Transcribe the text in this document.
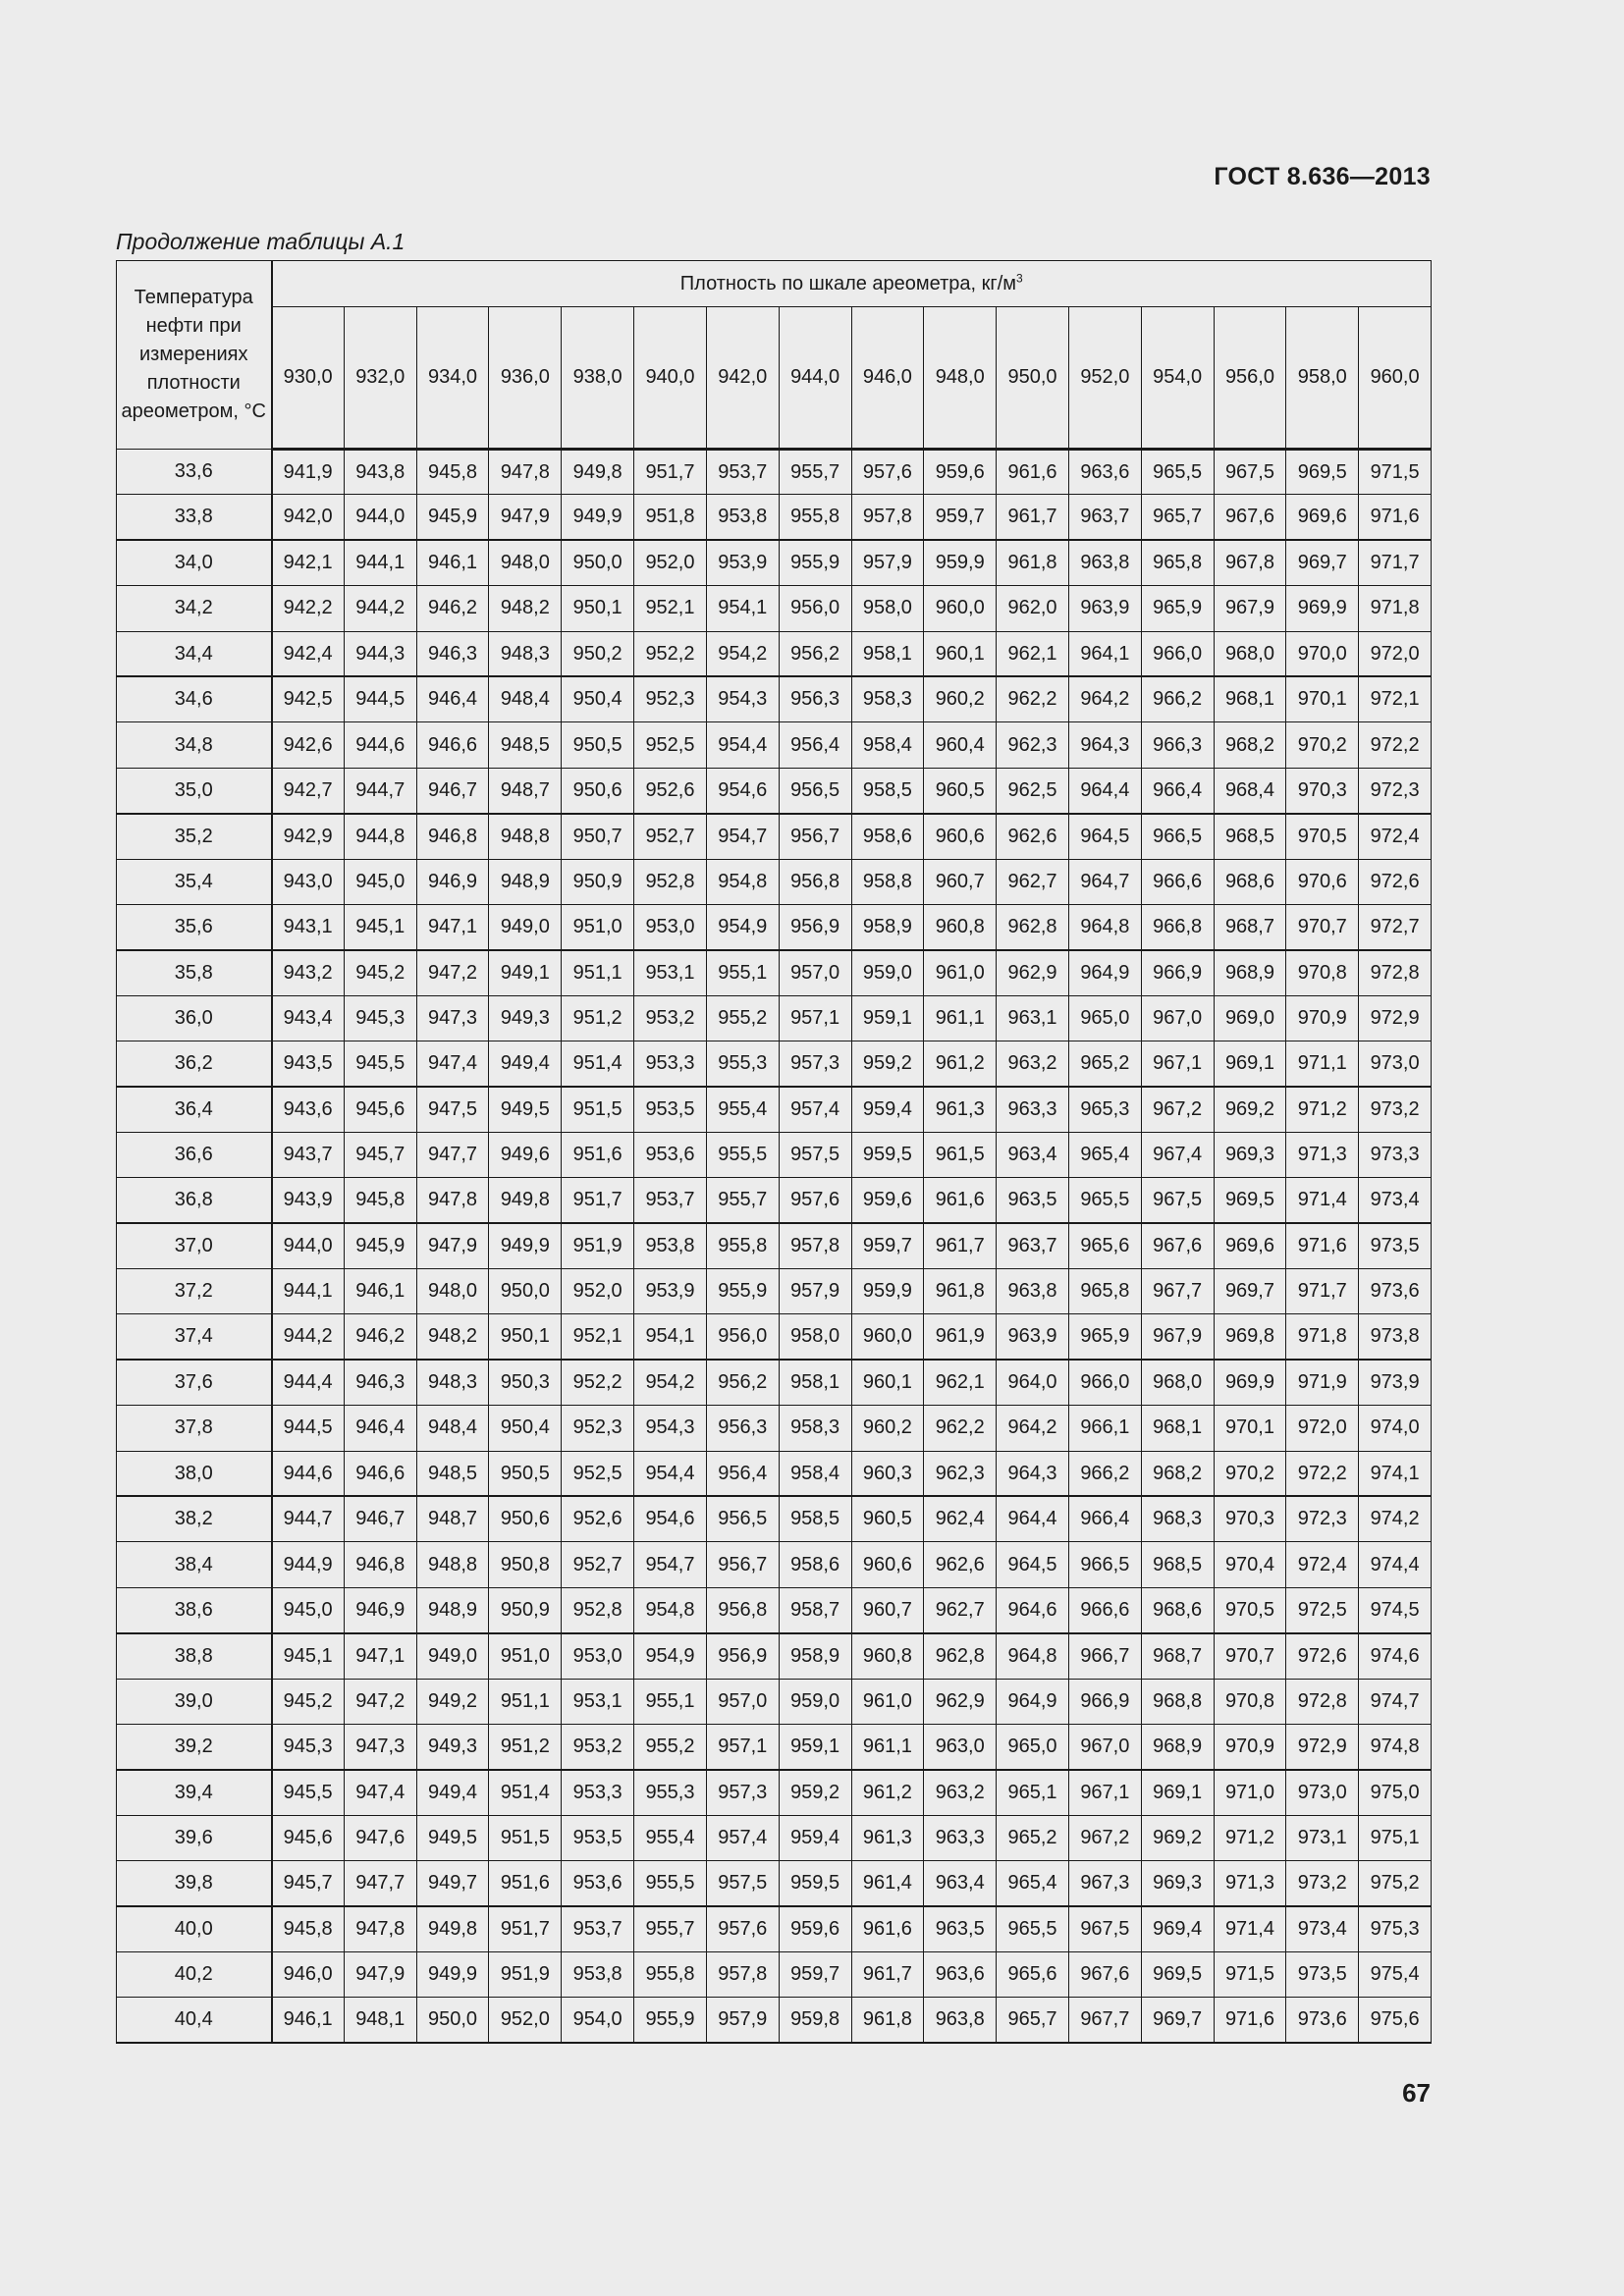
ГОСТ 8.636—2013
Продолжение таблицы А.1
Температура нефти при измерениях плотности ареометром, °С	Плотность по шкале ареометра, $кг/м^3$
	930,0	932,0	934,0	936,0	938,0	940,0	942,0	944,0	946,0	948,0	950,0	952,0	954,0	956,0	958,0	960,0
33,6	941,9	943,8	945,8	947,8	949,8	951,7	953,7	955,7	957,6	959,6	961,6	963,6	965,5	967,5	969,5	971,5
33,8	942,0	944,0	945,9	947,9	949,9	951,8	953,8	955,8	957,8	959,7	961,7	963,7	965,7	967,6	969,6	971,6
34,0	942,1	944,1	946,1	948,0	950,0	952,0	953,9	955,9	957,9	959,9	961,8	963,8	965,8	967,8	969,7	971,7
34,2	942,2	944,2	946,2	948,2	950,1	952,1	954,1	956,0	958,0	960,0	962,0	963,9	965,9	967,9	969,9	971,8
34,4	942,4	944,3	946,3	948,3	950,2	952,2	954,2	956,2	958,1	960,1	962,1	964,1	966,0	968,0	970,0	972,0
34,6	942,5	944,5	946,4	948,4	950,4	952,3	954,3	956,3	958,3	960,2	962,2	964,2	966,2	968,1	970,1	972,1
34,8	942,6	944,6	946,6	948,5	950,5	952,5	954,4	956,4	958,4	960,4	962,3	964,3	966,3	968,2	970,2	972,2
35,0	942,7	944,7	946,7	948,7	950,6	952,6	954,6	956,5	958,5	960,5	962,5	964,4	966,4	968,4	970,3	972,3
35,2	942,9	944,8	946,8	948,8	950,7	952,7	954,7	956,7	958,6	960,6	962,6	964,5	966,5	968,5	970,5	972,4
35,4	943,0	945,0	946,9	948,9	950,9	952,8	954,8	956,8	958,8	960,7	962,7	964,7	966,6	968,6	970,6	972,6
35,6	943,1	945,1	947,1	949,0	951,0	953,0	954,9	956,9	958,9	960,8	962,8	964,8	966,8	968,7	970,7	972,7
35,8	943,2	945,2	947,2	949,1	951,1	953,1	955,1	957,0	959,0	961,0	962,9	964,9	966,9	968,9	970,8	972,8
36,0	943,4	945,3	947,3	949,3	951,2	953,2	955,2	957,1	959,1	961,1	963,1	965,0	967,0	969,0	970,9	972,9
36,2	943,5	945,5	947,4	949,4	951,4	953,3	955,3	957,3	959,2	961,2	963,2	965,2	967,1	969,1	971,1	973,0
36,4	943,6	945,6	947,5	949,5	951,5	953,5	955,4	957,4	959,4	961,3	963,3	965,3	967,2	969,2	971,2	973,2
36,6	943,7	945,7	947,7	949,6	951,6	953,6	955,5	957,5	959,5	961,5	963,4	965,4	967,4	969,3	971,3	973,3
36,8	943,9	945,8	947,8	949,8	951,7	953,7	955,7	957,6	959,6	961,6	963,5	965,5	967,5	969,5	971,4	973,4
37,0	944,0	945,9	947,9	949,9	951,9	953,8	955,8	957,8	959,7	961,7	963,7	965,6	967,6	969,6	971,6	973,5
37,2	944,1	946,1	948,0	950,0	952,0	953,9	955,9	957,9	959,9	961,8	963,8	965,8	967,7	969,7	971,7	973,6
37,4	944,2	946,2	948,2	950,1	952,1	954,1	956,0	958,0	960,0	961,9	963,9	965,9	967,9	969,8	971,8	973,8
37,6	944,4	946,3	948,3	950,3	952,2	954,2	956,2	958,1	960,1	962,1	964,0	966,0	968,0	969,9	971,9	973,9
37,8	944,5	946,4	948,4	950,4	952,3	954,3	956,3	958,3	960,2	962,2	964,2	966,1	968,1	970,1	972,0	974,0
38,0	944,6	946,6	948,5	950,5	952,5	954,4	956,4	958,4	960,3	962,3	964,3	966,2	968,2	970,2	972,2	974,1
38,2	944,7	946,7	948,7	950,6	952,6	954,6	956,5	958,5	960,5	962,4	964,4	966,4	968,3	970,3	972,3	974,2
38,4	944,9	946,8	948,8	950,8	952,7	954,7	956,7	958,6	960,6	962,6	964,5	966,5	968,5	970,4	972,4	974,4
38,6	945,0	946,9	948,9	950,9	952,8	954,8	956,8	958,7	960,7	962,7	964,6	966,6	968,6	970,5	972,5	974,5
38,8	945,1	947,1	949,0	951,0	953,0	954,9	956,9	958,9	960,8	962,8	964,8	966,7	968,7	970,7	972,6	974,6
39,0	945,2	947,2	949,2	951,1	953,1	955,1	957,0	959,0	961,0	962,9	964,9	966,9	968,8	970,8	972,8	974,7
39,2	945,3	947,3	949,3	951,2	953,2	955,2	957,1	959,1	961,1	963,0	965,0	967,0	968,9	970,9	972,9	974,8
39,4	945,5	947,4	949,4	951,4	953,3	955,3	957,3	959,2	961,2	963,2	965,1	967,1	969,1	971,0	973,0	975,0
39,6	945,6	947,6	949,5	951,5	953,5	955,4	957,4	959,4	961,3	963,3	965,2	967,2	969,2	971,2	973,1	975,1
39,8	945,7	947,7	949,7	951,6	953,6	955,5	957,5	959,5	961,4	963,4	965,4	967,3	969,3	971,3	973,2	975,2
40,0	945,8	947,8	949,8	951,7	953,7	955,7	957,6	959,6	961,6	963,5	965,5	967,5	969,4	971,4	973,4	975,3
40,2	946,0	947,9	949,9	951,9	953,8	955,8	957,8	959,7	961,7	963,6	965,6	967,6	969,5	971,5	973,5	975,4
40,4	946,1	948,1	950,0	952,0	954,0	955,9	957,9	959,8	961,8	963,8	965,7	967,7	969,7	971,6	973,6	975,6
67
